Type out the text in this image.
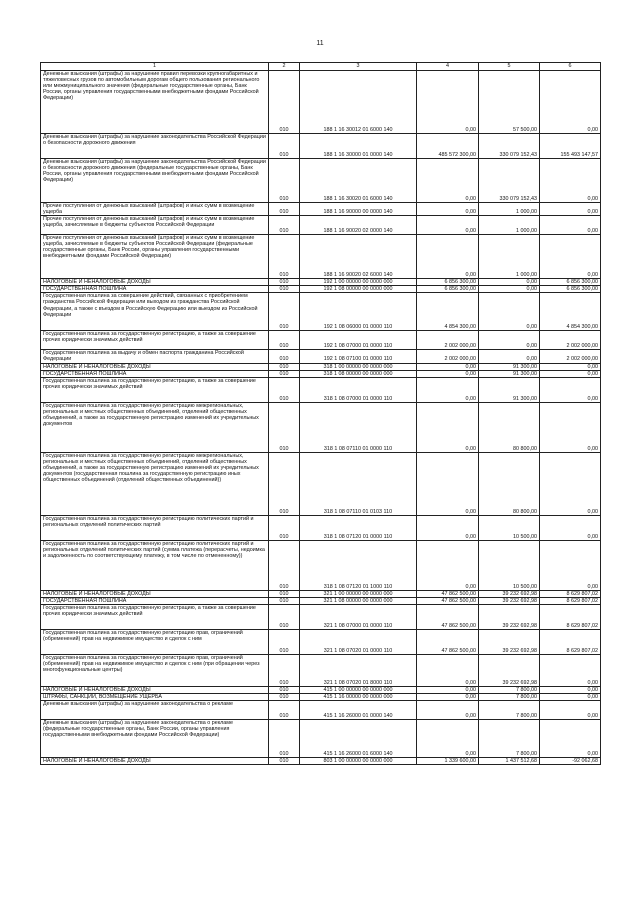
11
1	2	3	4	5	6
Денежные взыскания (штрафы) за нарушение правил перевозки крупногабаритных и тяжеловесных грузов по автомобильным дорогам общего пользования регионального или межмуниципального значения (федеральные государственные органы, Банк России, органы управления государственными внебюджетными фондами Российской Федерации)	010	188 1 16 30012 01 6000 140	0,00	57 500,00	0,00
Денежные взыскания (штрафы) за нарушение законодательства Российской Федерации о безопасности дорожного движения	010	188 1 16 30000 01 0000 140	485 572 300,00	330 079 152,43	155 493 147,57
Денежные взыскания (штрафы) за нарушение законодательства Российской Федерации о безопасности дорожного движения (федеральные государственные органы, Банк России, органы управления государственными внебюджетными фондами Российской Федерации)	010	188 1 16 30020 01 6000 140	0,00	330 079 152,43	0,00
Прочие поступления от денежных взысканий (штрафов) и иных сумм в возмещение ущерба	010	188 1 16 90000 00 0000 140	0,00	1 000,00	0,00
Прочие поступления от денежных взысканий (штрафов) и иных сумм в возмещение ущерба, зачисляемые в бюджеты субъектов Российской Федерации	010	188 1 16 90020 02 0000 140	0,00	1 000,00	0,00
Прочие поступления от денежных взысканий (штрафов) и иных сумм в возмещение ущерба, зачисляемые в бюджеты субъектов Российской Федерации (федеральные государственные органы, Банк России, органы управления государственными внебюджетными фондами Российской Федерации)	010	188 1 16 90020 02 6000 140	0,00	1 000,00	0,00
НАЛОГОВЫЕ И НЕНАЛОГОВЫЕ ДОХОДЫ	010	192 1 00 00000 00 0000 000	6 856 300,00	0,00	6 856 300,00
ГОСУДАРСТВЕННАЯ ПОШЛИНА	010	192 1 08 00000 00 0000 000	6 856 300,00	0,00	6 856 300,00
Государственная пошлина за совершение действий, связанных с приобретением гражданства Российской Федерации или выходом из гражданства Российской Федерации, а также с въездом в Российскую Федерацию или выездом из Российской Федерации	010	192 1 08 06000 01 0000 110	4 854 300,00	0,00	4 854 300,00
Государственная пошлина за государственную регистрацию, а также за совершение прочих юридически значимых действий	010	192 1 08 07000 01 0000 110	2 002 000,00	0,00	2 002 000,00
Государственная пошлина за выдачу и обмен паспорта гражданина Российской Федерации	010	192 1 08 07100 01 0000 110	2 002 000,00	0,00	2 002 000,00
НАЛОГОВЫЕ И НЕНАЛОГОВЫЕ ДОХОДЫ	010	318 1 00 00000 00 0000 000	0,00	91 300,00	0,00
ГОСУДАРСТВЕННАЯ ПОШЛИНА	010	318 1 08 00000 00 0000 000	0,00	91 300,00	0,00
Государственная пошлина за государственную регистрацию, а также за совершение прочих юридически значимых действий	010	318 1 08 07000 01 0000 110	0,00	91 300,00	0,00
Государственная пошлина за государственную регистрацию межрегиональных, региональных и местных общественных объединений, отделений общественных объединений, а также за государственную регистрацию изменений их учредительных документов	010	318 1 08 07110 01 0000 110	0,00	80 800,00	0,00
Государственная пошлина за государственную регистрацию межрегиональных, региональных и местных общественных объединений, отделений общественных объединений, а также за государственную регистрацию изменений их учредительных документов (государственная пошлина за государственную регистрацию иных общественных объединений (отделений общественных объединений))	010	318 1 08 07110 01 0103 110	0,00	80 800,00	0,00
Государственная пошлина за государственную регистрацию политических партий и региональных отделений политических партий	010	318 1 08 07120 01 0000 110	0,00	10 500,00	0,00
Государственная пошлина за государственную регистрацию политических партий и региональных отделений политических партий (сумма платежа (перерасчеты, недоимка и задолженность по соответствующему платежу, в том числе по отмененному))	010	318 1 08 07120 01 1000 110	0,00	10 500,00	0,00
НАЛОГОВЫЕ И НЕНАЛОГОВЫЕ ДОХОДЫ	010	321 1 00 00000 00 0000 000	47 862 500,00	39 232 692,98	8 629 807,02
ГОСУДАРСТВЕННАЯ ПОШЛИНА	010	321 1 08 00000 00 0000 000	47 862 500,00	39 232 692,98	8 629 807,02
Государственная пошлина за государственную регистрацию, а также за совершение прочих юридически значимых действий	010	321 1 08 07000 01 0000 110	47 862 500,00	39 232 692,98	8 629 807,02
Государственная пошлина за государственную регистрацию прав, ограничений (обременений) прав на недвижимое имущество и сделок с ним	010	321 1 08 07020 01 0000 110	47 862 500,00	39 232 692,98	8 629 807,02
Государственная пошлина за государственную регистрацию прав, ограничений (обременений) прав на недвижимое имущество и сделок с ним (при обращении через многофункциональные центры)	010	321 1 08 07020 01 8000 110	0,00	39 232 692,98	0,00
НАЛОГОВЫЕ И НЕНАЛОГОВЫЕ ДОХОДЫ	010	415 1 00 00000 00 0000 000	0,00	7 800,00	0,00
ШТРАФЫ, САНКЦИИ, ВОЗМЕЩЕНИЕ УЩЕРБА	010	415 1 16 00000 00 0000 000	0,00	7 800,00	0,00
Денежные взыскания (штрафы) за нарушение законодательства о рекламе	010	415 1 16 26000 01 0000 140	0,00	7 800,00	0,00
Денежные взыскания (штрафы) за нарушение законодательства о рекламе (федеральные государственные органы, Банк России, органы управления государственными внебюджетными фондами Российской Федерации)	010	415 1 16 26000 01 6000 140	0,00	7 800,00	0,00
НАЛОГОВЫЕ И НЕНАЛОГОВЫЕ ДОХОДЫ	010	803 1 00 00000 00 0000 000	1 339 600,00	1 437 512,68	-92 062,68
